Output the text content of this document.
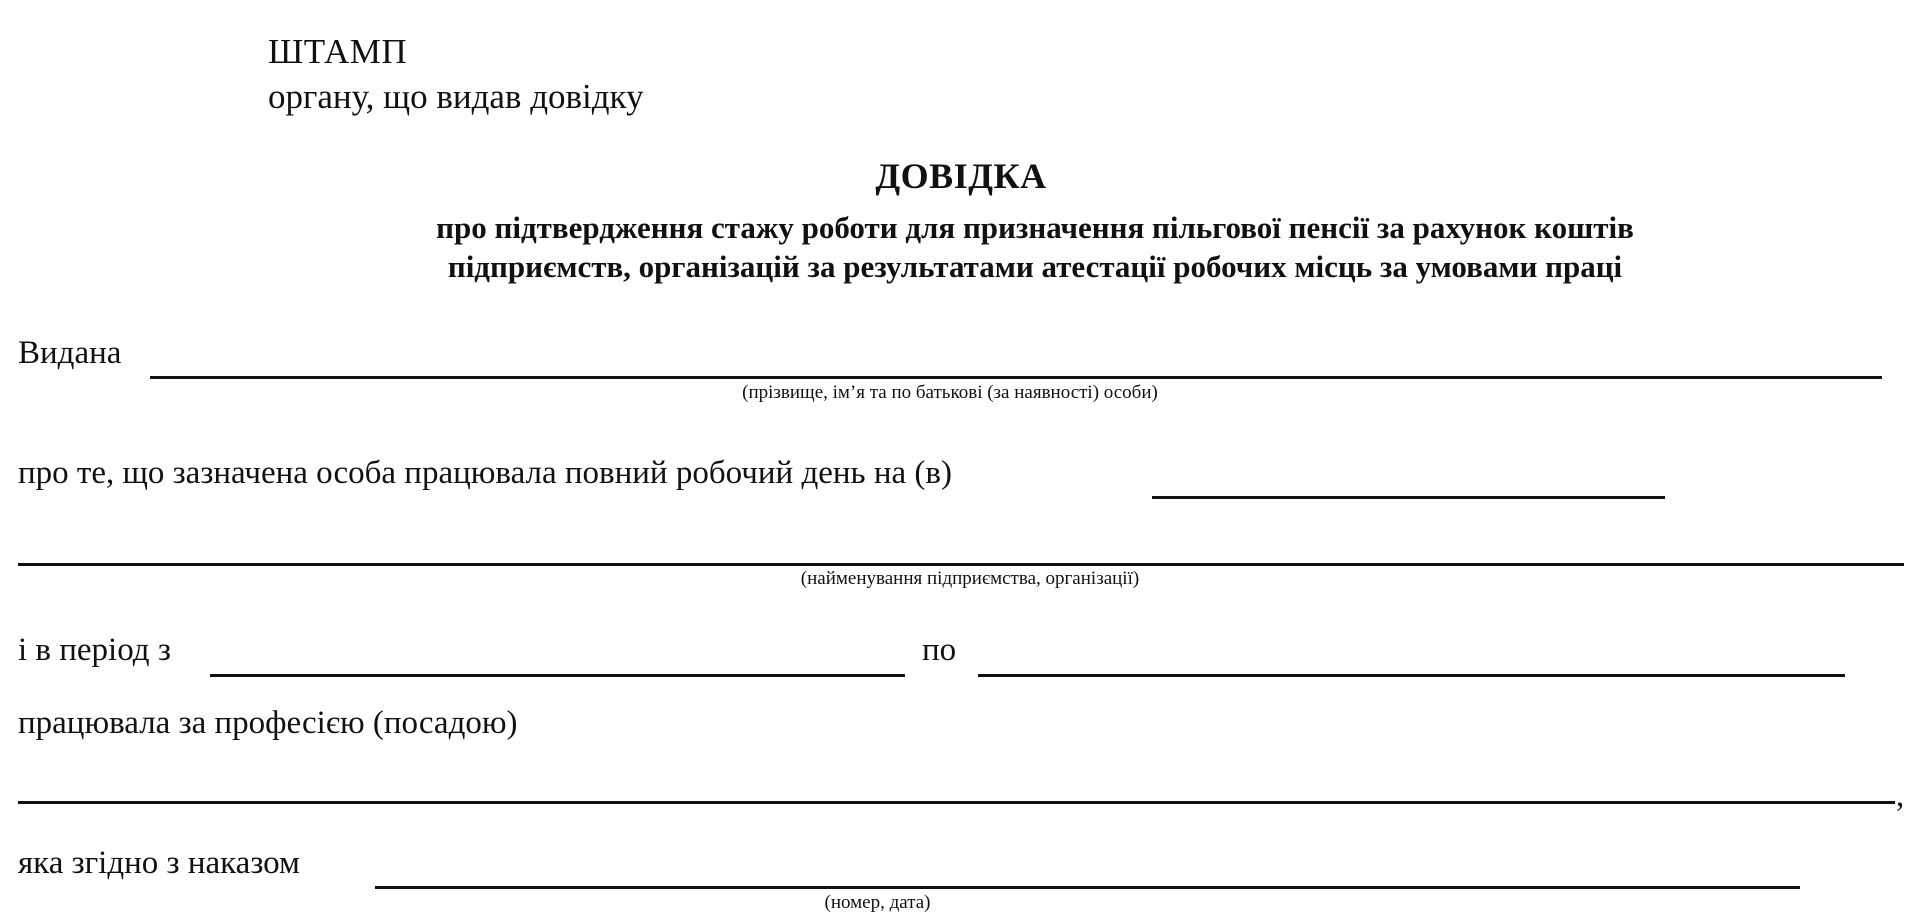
ШТАМП
органу, що видав довідку
ДОВІДКА
про підтвердження стажу роботи для призначення пільгової пенсії за рахунок коштів
підприємств, організацій за результатами атестації робочих місць за умовами праці
Видана
(прізвище, ім’я та по батькові (за наявності) особи)
про те, що зазначена особа працювала повний робочий день на (в)
(найменування підприємства, організації)
і в період з	по
працювала за професією (посадою)
,
яка згідно з наказом
(номер, дата)
